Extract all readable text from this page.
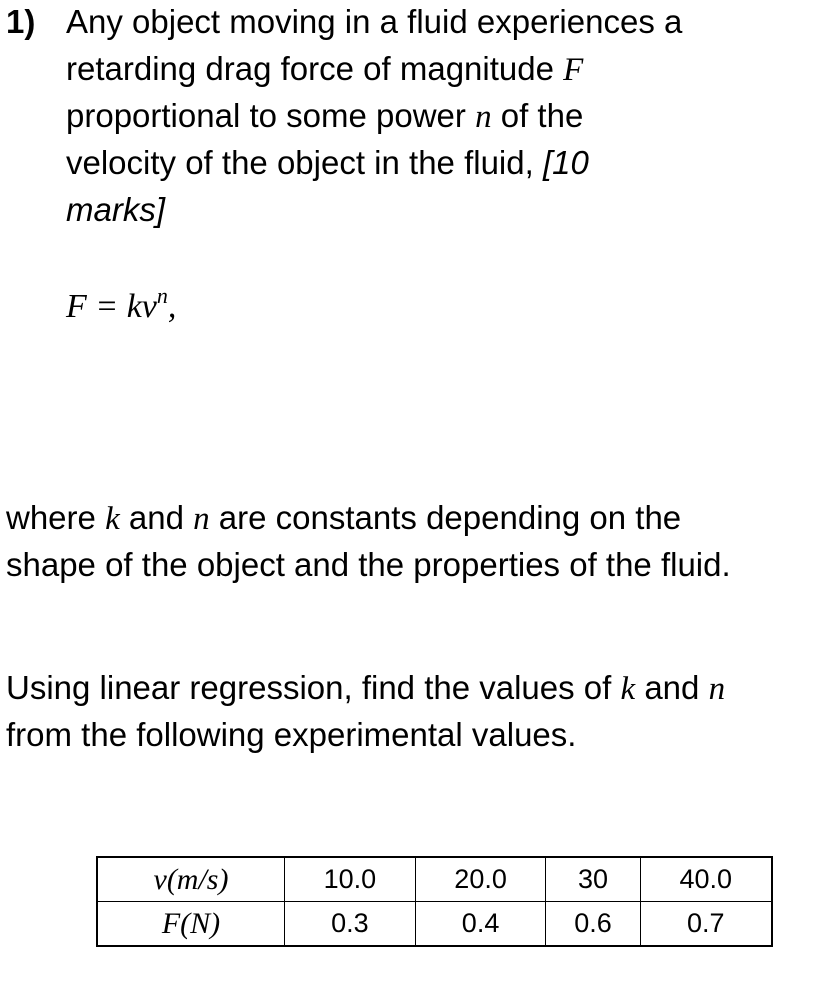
1) Any object moving in a fluid experiences a
retarding drag force of magnitude F
proportional to some power n of the
velocity of the object in the fluid, [10
marks]
$F = kv^n$,
where k and n are constants depending on the
shape of the object and the properties of the fluid.
Using linear regression, find the values of k and n
from the following experimental values.
v(m/s)	10.0	20.0	30	40.0
F(N)	0.3	0.4	0.6	0.7
